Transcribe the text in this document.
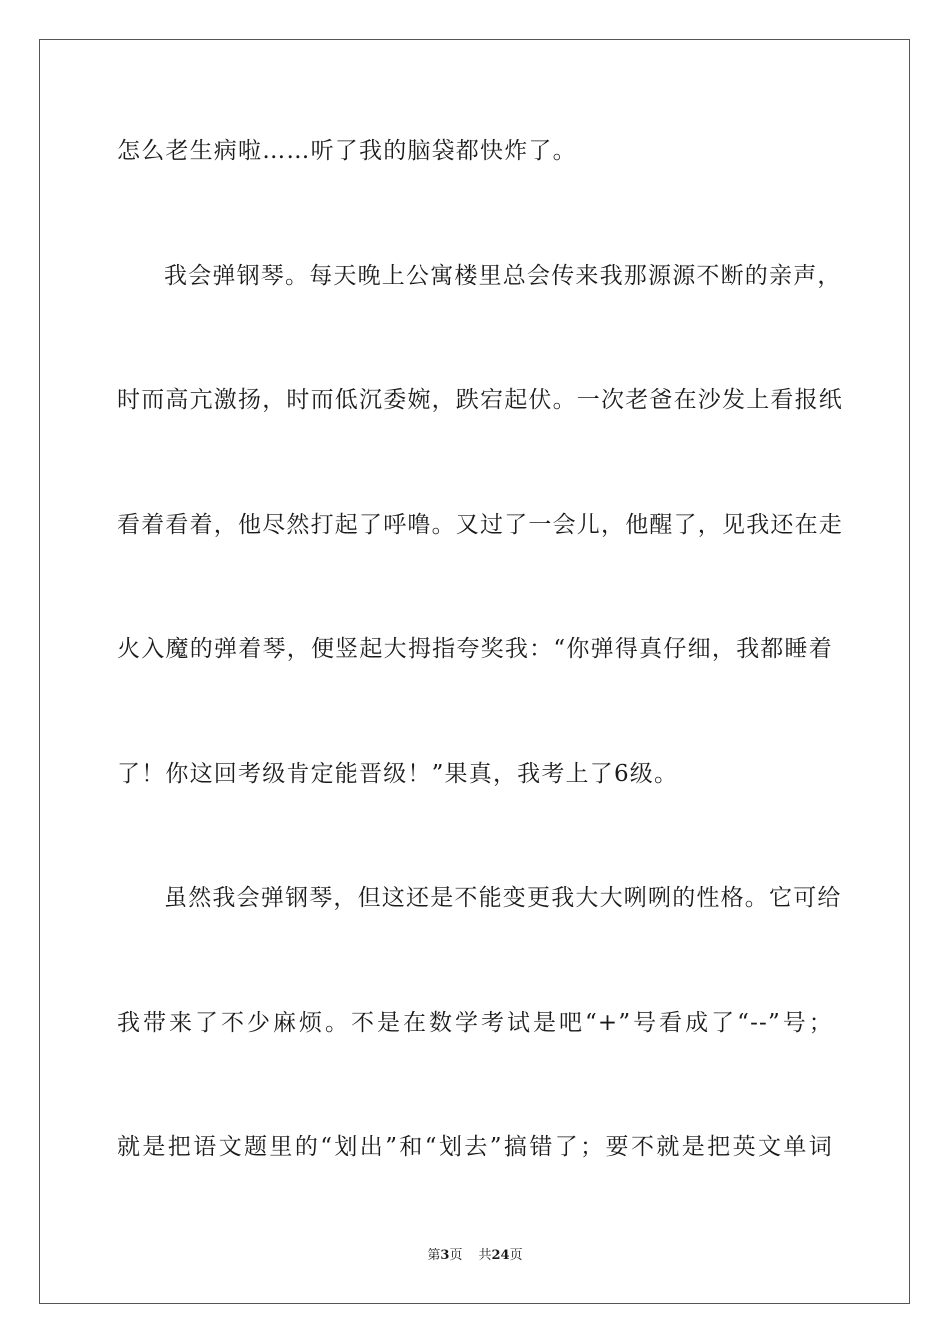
怎么老生病啦……听了我的脑袋都快炸了。
我会弹钢琴。每天晚上公寓楼里总会传来我那源源不断的亲声，
时而高亢激扬，时而低沉委婉，跌宕起伏。一次老爸在沙发上看报纸
看着看着，他尽然打起了呼噜。又过了一会儿，他醒了，见我还在走
火入魔的弹着琴，便竖起大拇指夸奖我：“你弹得真仔细，我都睡着
了！你这回考级肯定能晋级！”果真，我考上了6级。
虽然我会弹钢琴，但这还是不能变更我大大咧咧的性格。它可给
我带来了不少麻烦。不是在数学考试是吧“+”号看成了“--”号；
就是把语文题里的“划出”和“划去”搞错了；要不就是把英文单词
第3页 共24页
